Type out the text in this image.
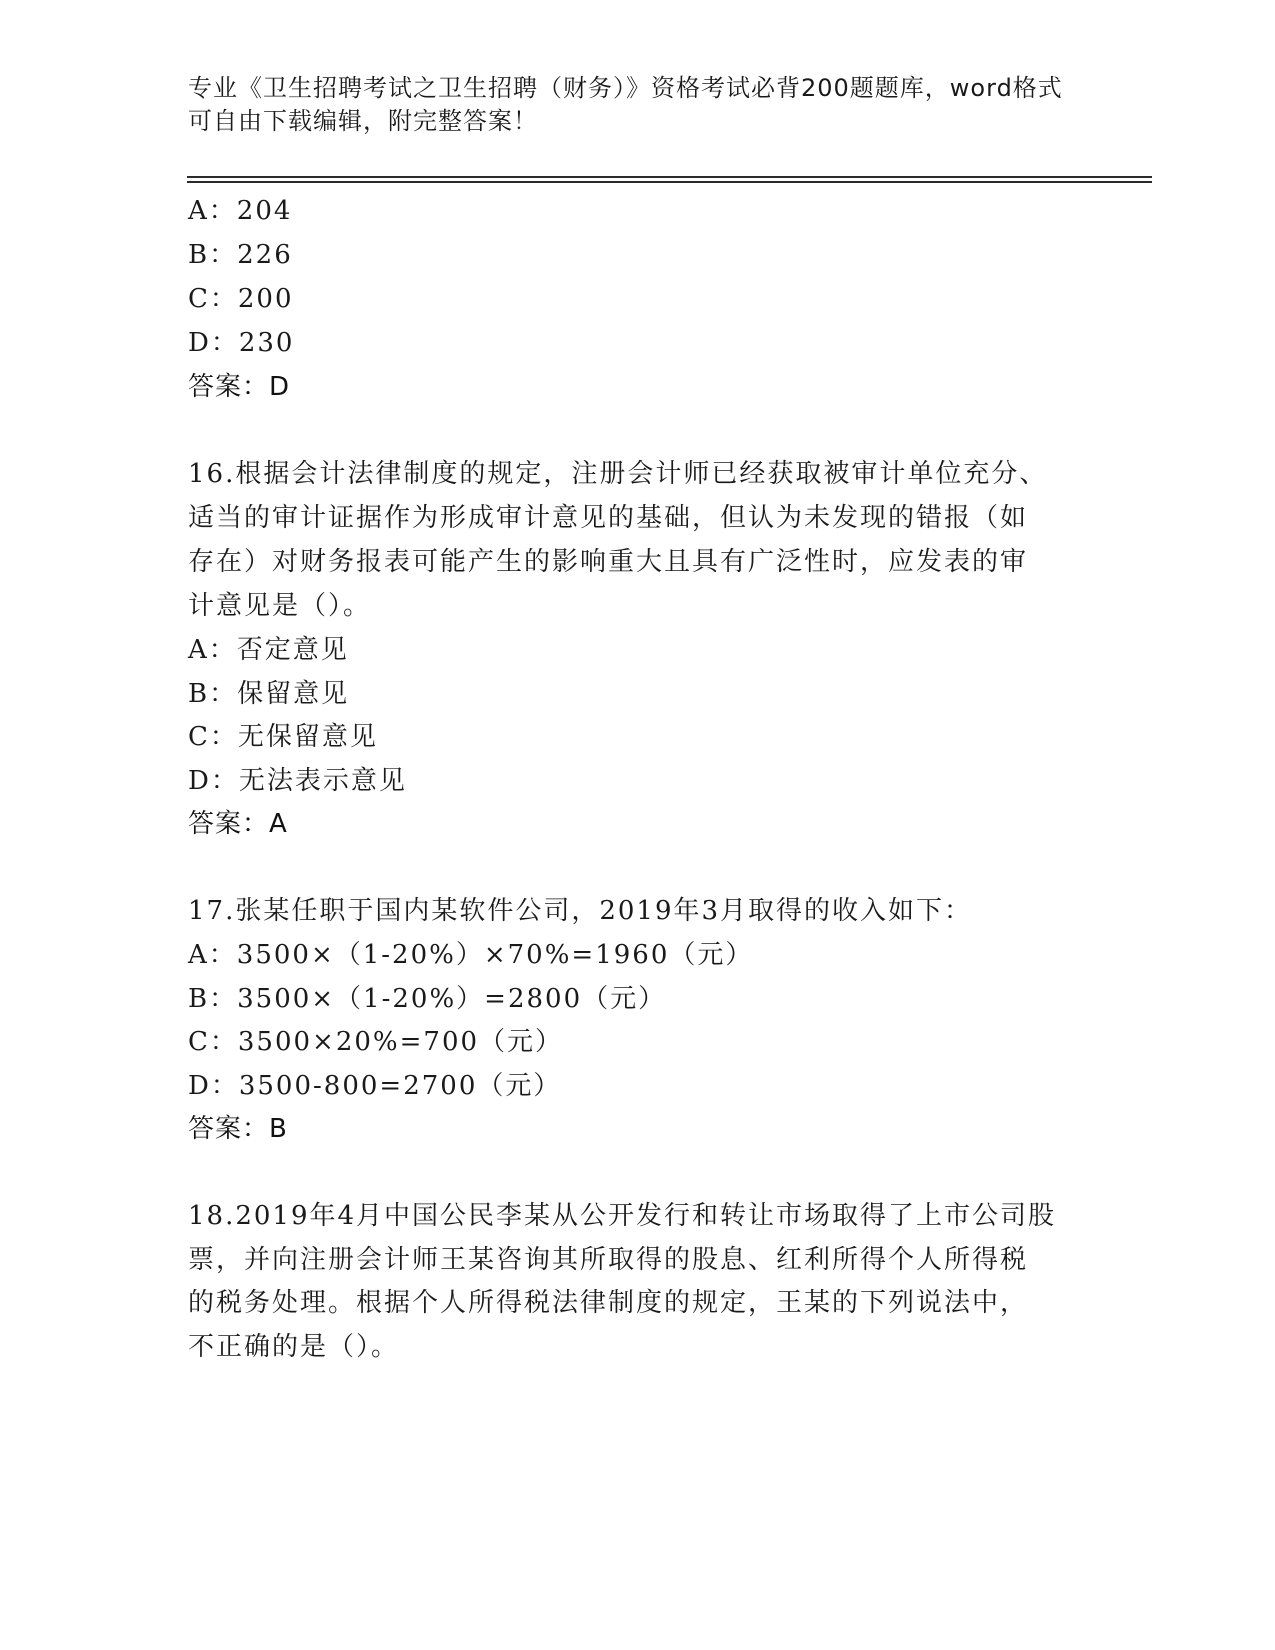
专业《卫生招聘考试之卫生招聘（财务）》资格考试必背200题题库，word格式
可自由下载编辑，附完整答案！
A：204
B：226
C：200
D：230
答案：D
16.根据会计法律制度的规定，注册会计师已经获取被审计单位充分、
适当的审计证据作为形成审计意见的基础，但认为未发现的错报（如
存在）对财务报表可能产生的影响重大且具有广泛性时，应发表的审
计意见是（）。
A：否定意见
B：保留意见
C：无保留意见
D：无法表示意见
答案：A
17.张某任职于国内某软件公司，2019年3月取得的收入如下：
A：3500×（1-20%）×70%=1960（元）
B：3500×（1-20%）=2800（元）
C：3500×20%=700（元）
D：3500-800=2700（元）
答案：B
18.2019年4月中国公民李某从公开发行和转让市场取得了上市公司股
票，并向注册会计师王某咨询其所取得的股息、红利所得个人所得税
的税务处理。根据个人所得税法律制度的规定，王某的下列说法中，
不正确的是（）。
